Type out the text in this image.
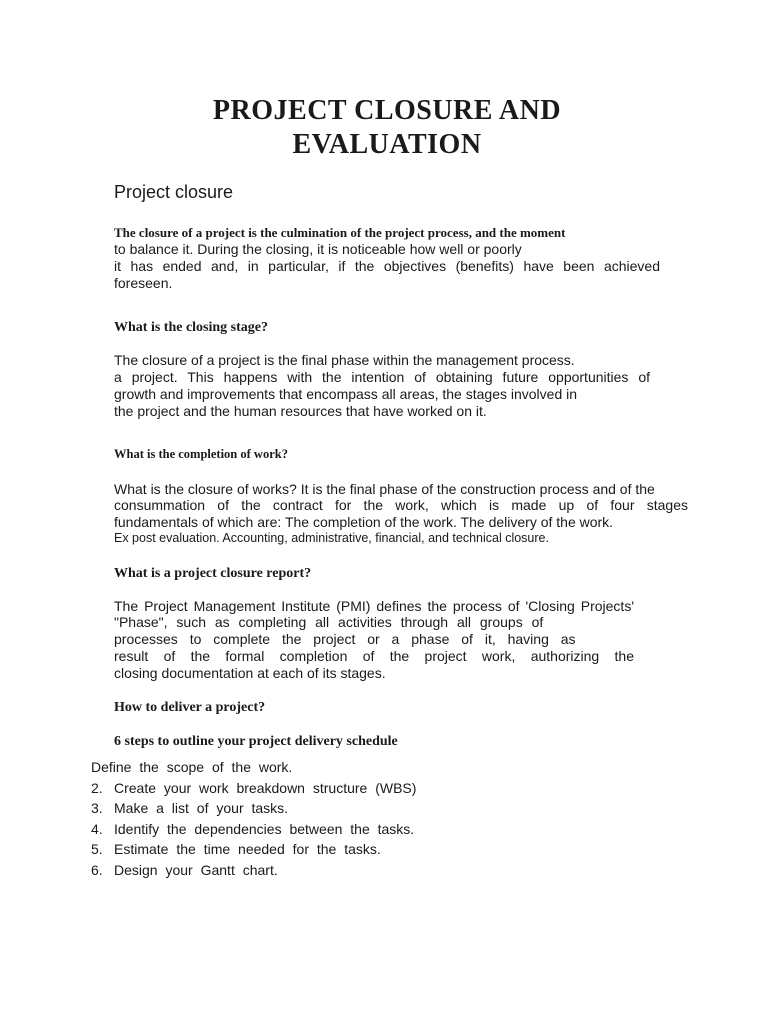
PROJECT CLOSURE AND
EVALUATION
Project closure
The closure of a project is the culmination of the project process, and the moment
to balance it. During the closing, it is noticeable how well or poorly
it has ended and, in particular, if the objectives (benefits) have been achieved
foreseen.
What is the closing stage?
The closure of a project is the final phase within the management process.
a project. This happens with the intention of obtaining future opportunities of
growth and improvements that encompass all areas, the stages involved in
the project and the human resources that have worked on it.
What is the completion of work?
What is the closure of works? It is the final phase of the construction process and of the
consummation of the contract for the work, which is made up of four stages
fundamentals of which are: The completion of the work. The delivery of the work.
Ex post evaluation. Accounting, administrative, financial, and technical closure.
What is a project closure report?
The Project Management Institute (PMI) defines the process of 'Closing Projects'
"Phase", such as completing all activities through all groups of
processes to complete the project or a phase of it, having as
result of the formal completion of the project work, authorizing the
closing documentation at each of its stages.
How to deliver a project?
6 steps to outline your project delivery schedule
Define the scope of the work.
2. Create your work breakdown structure (WBS)
3. Make a list of your tasks.
4. Identify the dependencies between the tasks.
5. Estimate the time needed for the tasks.
6. Design your Gantt chart.
